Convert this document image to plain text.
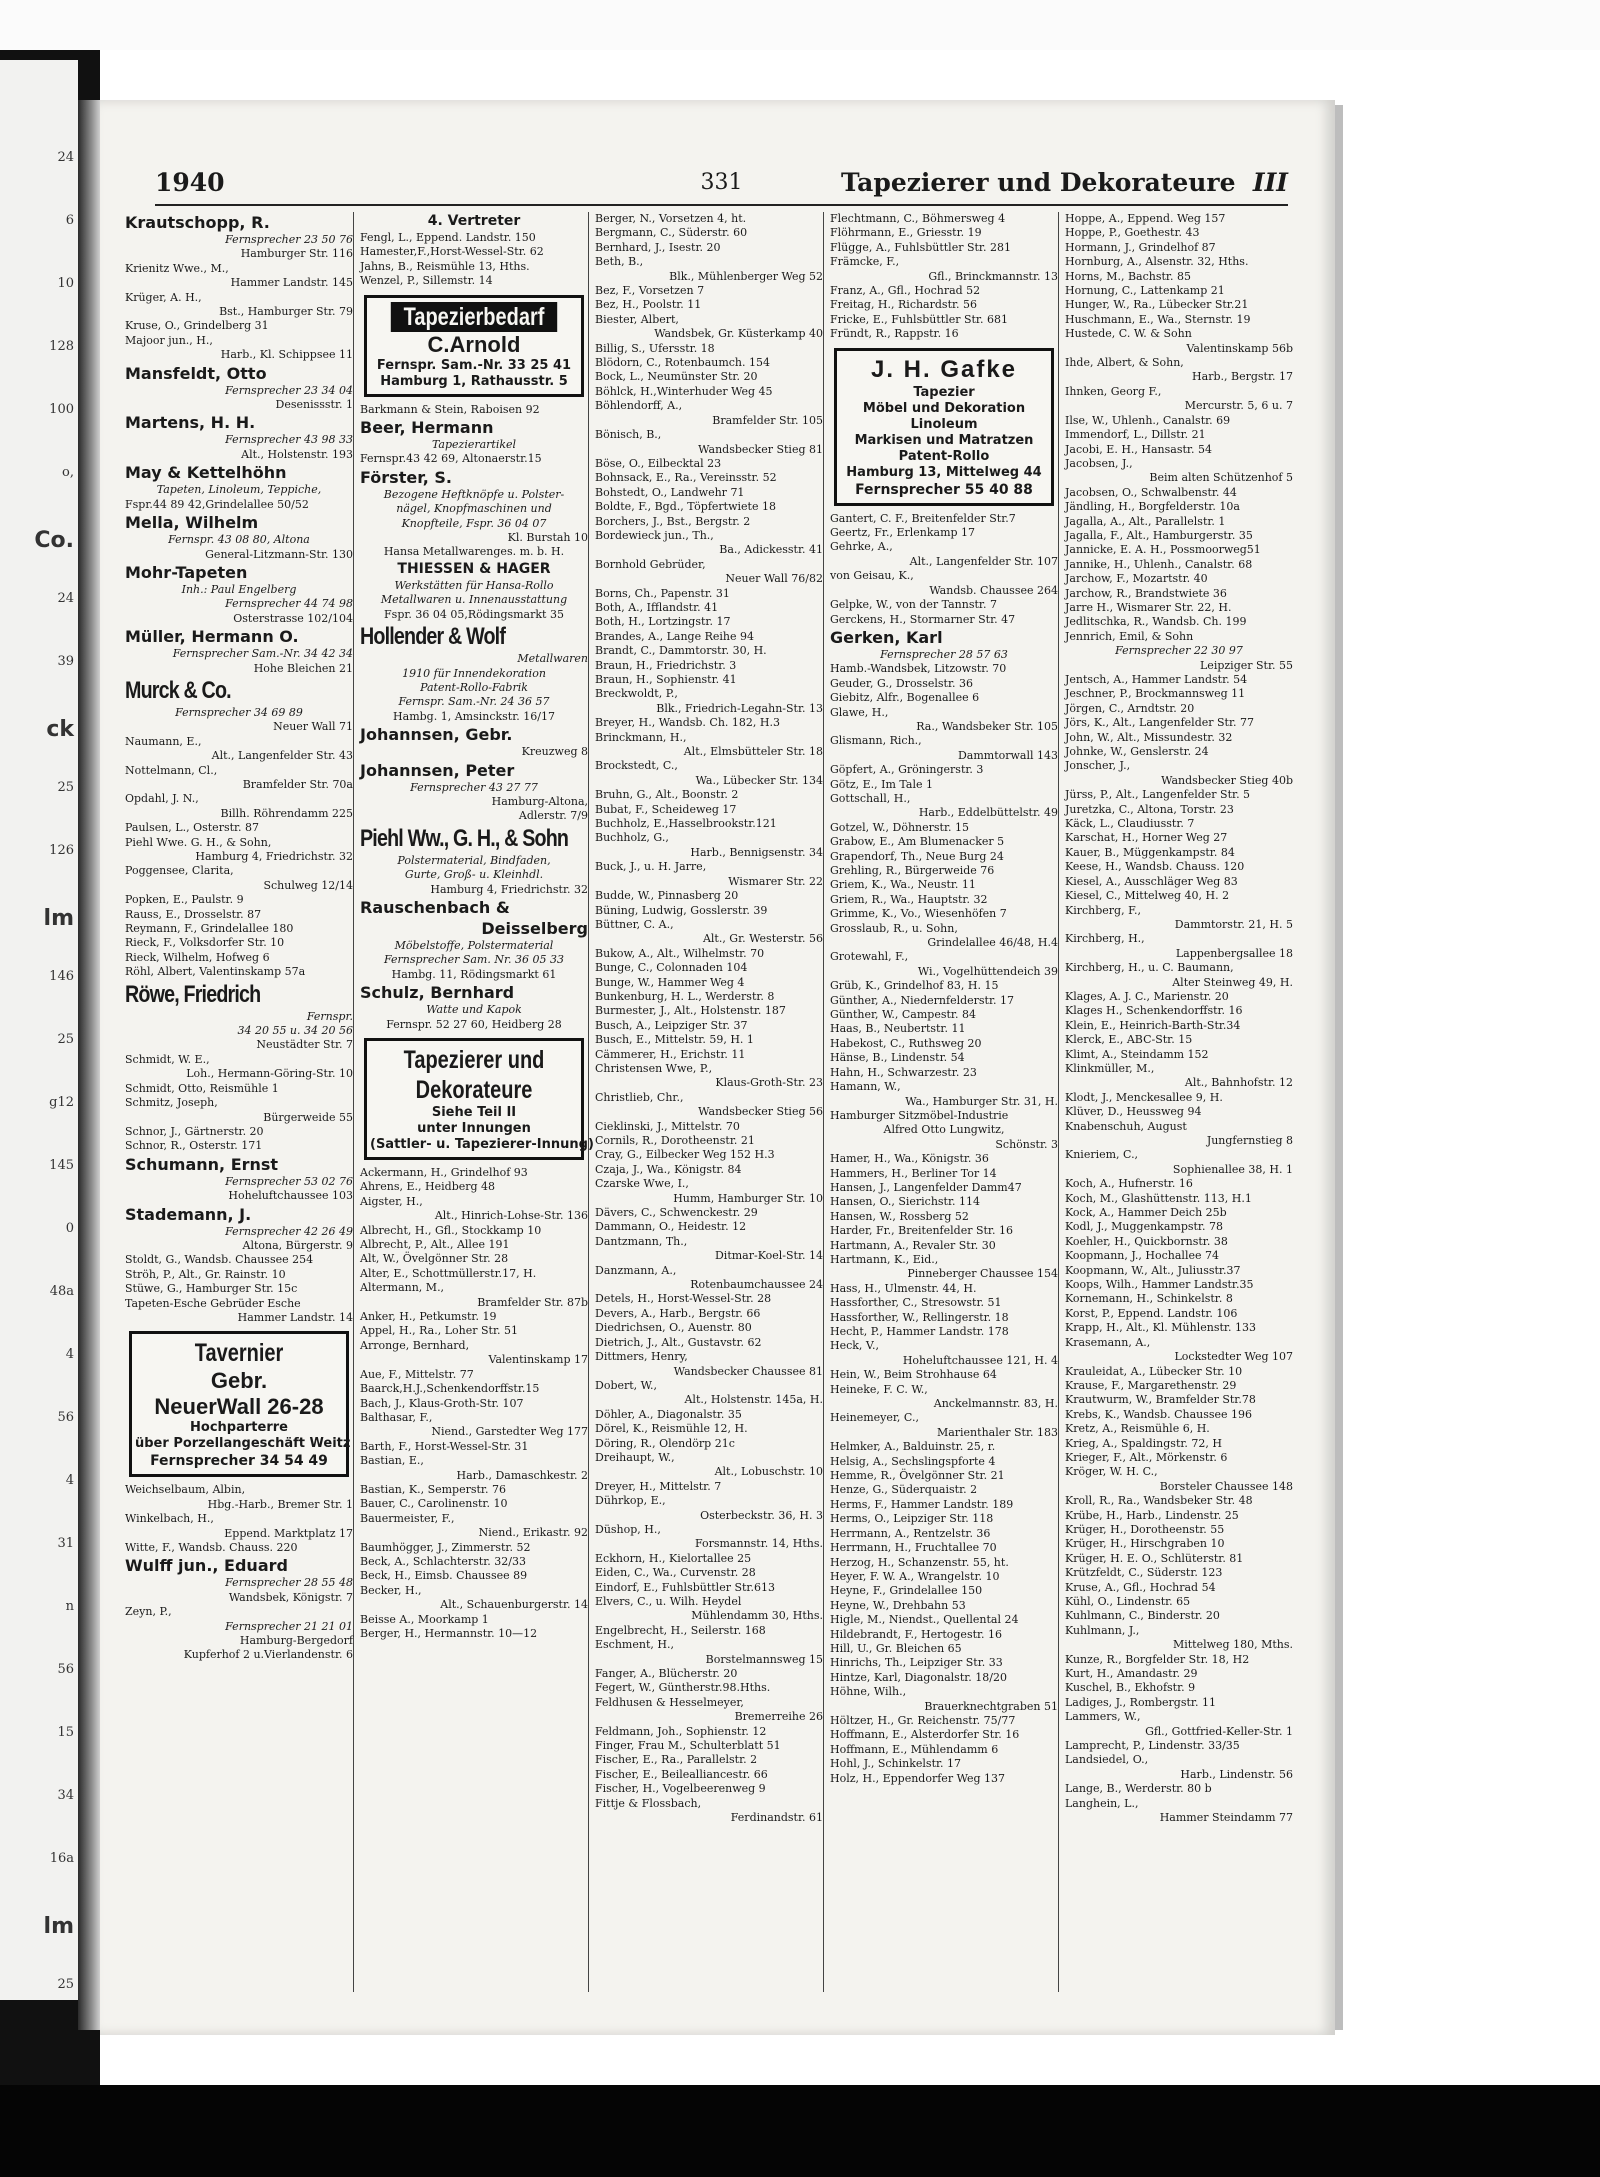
24
6
10
128
100
o,
Co.
24
39
ck
25
126
lm
146
25
g12
145
0
48a
4
56
4
31
n
56
15
34
16a
lm
25
1940	331	Tapezierer und Dekorateure III
Krautschopp, R.
Fernsprecher 23 50 76
Hamburger Str. 116
Krienitz Wwe., M.,
Hammer Landstr. 145
Krüger, A. H.,
Bst., Hamburger Str. 79
Kruse, O., Grindelberg 31
Majoor jun., H.,
Harb., Kl. Schippsee 11
Mansfeldt, Otto
Fernsprecher 23 34 04
Desenissstr. 1
Martens, H. H.
Fernsprecher 43 98 33
Alt., Holstenstr. 193
May & Kettelhöhn
Tapeten, Linoleum, Teppiche,
Fspr.44 89 42,Grindelallee 50/52
Mella, Wilhelm
Fernspr. 43 08 80, Altona
General-Litzmann-Str. 130
Mohr-Tapeten
Inh.: Paul Engelberg
Fernsprecher 44 74 98
Osterstrasse 102/104
Müller, Hermann O.
Fernsprecher Sam.-Nr. 34 42 34
Hohe Bleichen 21
Murck & Co.
Fernsprecher 34 69 89
Neuer Wall 71
Naumann, E.,
Alt., Langenfelder Str. 43
Nottelmann, Cl.,
Bramfelder Str. 70a
Opdahl, J. N.,
Billh. Röhrendamm 225
Paulsen, L., Osterstr. 87
Piehl Wwe. G. H., & Sohn,
Hamburg 4, Friedrichstr. 32
Poggensee, Clarita,
Schulweg 12/14
Popken, E., Paulstr. 9
Rauss, E., Drosselstr. 87
Reymann, F., Grindelallee 180
Rieck, F., Volksdorfer Str. 10
Rieck, Wilhelm, Hofweg 6
Röhl, Albert, Valentinskamp 57a
Röwe, Friedrich
Fernspr.
34 20 55 u. 34 20 56
Neustädter Str. 7
Schmidt, W. E.,
Loh., Hermann-Göring-Str. 10
Schmidt, Otto, Reismühle 1
Schmitz, Joseph,
Bürgerweide 55
Schnor, J., Gärtnerstr. 20
Schnor, R., Osterstr. 171
Schumann, Ernst
Fernsprecher 53 02 76
Hoheluftchaussee 103
Stademann, J.
Fernsprecher 42 26 49
Altona, Bürgerstr. 9
Stoldt, G., Wandsb. Chaussee 254
Ströh, P., Alt., Gr. Rainstr. 10
Stüwe, G., Hamburger Str. 15c
Tapeten-Esche Gebrüder Esche
Hammer Landstr. 14
Tavernier
Gebr.
NeuerWall 26-28
Hochparterre
über Porzellangeschäft Weitz
Fernsprecher 34 54 49
Weichselbaum, Albin,
Hbg.-Harb., Bremer Str. 1
Winkelbach, H.,
Eppend. Marktplatz 17
Witte, F., Wandsb. Chauss. 220
Wulff jun., Eduard
Fernsprecher 28 55 48
Wandsbek, Königstr. 7
Zeyn, P.,
Fernsprecher 21 21 01
Hamburg-Bergedorf
Kupferhof 2 u.Vierlandenstr. 6
4. Vertreter
Fengl, L., Eppend. Landstr. 150
Hamester,F.,Horst-Wessel-Str. 62
Jahns, B., Reismühle 13, Hths.
Wenzel, P., Sillemstr. 14
Tapezierbedarf
C.Arnold
Fernspr. Sam.-Nr. 33 25 41
Hamburg 1, Rathausstr. 5
Barkmann & Stein, Raboisen 92
Beer, Hermann
Tapezierartikel
Fernspr.43 42 69, Altonaerstr.15
Förster, S.
Bezogene Heftknöpfe u. Polster-
nägel, Knopfmaschinen und
Knopfteile, Fspr. 36 04 07
Kl. Burstah 10
Hansa Metallwarenges. m. b. H.
THIESSEN & HAGER
Werkstätten für Hansa-Rollo
Metallwaren u. Innenausstattung
Fspr. 36 04 05,Rödingsmarkt 35
Hollender & Wolf
Metallwaren
1910 für Innendekoration
Patent-Rollo-Fabrik
Fernspr. Sam.-Nr. 24 36 57
Hambg. 1, Amsinckstr. 16/17
Johannsen, Gebr.
Kreuzweg 8
Johannsen, Peter
Fernsprecher 43 27 77
Hamburg-Altona,
Adlerstr. 7/9
Piehl Ww., G. H., & Sohn
Polstermaterial, Bindfaden,
Gurte, Groß- u. Kleinhdl.
Hamburg 4, Friedrichstr. 32
Rauschenbach &
Deisselberg
Möbelstoffe, Polstermaterial
Fernsprecher Sam. Nr. 36 05 33
Hambg. 11, Rödingsmarkt 61
Schulz, Bernhard
Watte und Kapok
Fernspr. 52 27 60, Heidberg 28
Tapezierer und
Dekorateure
Siehe Teil II
unter Innungen
(Sattler- u. Tapezierer-Innung)
Ackermann, H., Grindelhof 93
Ahrens, E., Heidberg 48
Aigster, H.,
Alt., Hinrich-Lohse-Str. 136
Albrecht, H., Gfl., Stockkamp 10
Albrecht, P., Alt., Allee 191
Alt, W., Övelgönner Str. 28
Alter, E., Schottmüllerstr.17, H.
Altermann, M.,
Bramfelder Str. 87b
Anker, H., Petkumstr. 19
Appel, H., Ra., Loher Str. 51
Arronge, Bernhard,
Valentinskamp 17
Aue, F., Mittelstr. 77
Baarck,H.J.,Schenkendorffstr.15
Bach, J., Klaus-Groth-Str. 107
Balthasar, F.,
Niend., Garstedter Weg 177
Barth, F., Horst-Wessel-Str. 31
Bastian, E.,
Harb., Damaschkestr. 2
Bastian, K., Semperstr. 76
Bauer, C., Carolinenstr. 10
Bauermeister, F.,
Niend., Erikastr. 92
Baumhögger, J., Zimmerstr. 52
Beck, A., Schlachterstr. 32/33
Beck, H., Eimsb. Chaussee 89
Becker, H.,
Alt., Schauenburgerstr. 14
Beisse A., Moorkamp 1
Berger, H., Hermannstr. 10—12
Berger, N., Vorsetzen 4, ht.
Bergmann, C., Süderstr. 60
Bernhard, J., Isestr. 20
Beth, B.,
Blk., Mühlenberger Weg 52
Bez, F., Vorsetzen 7
Bez, H., Poolstr. 11
Biester, Albert,
Wandsbek, Gr. Küsterkamp 40
Billig, S., Ufersstr. 18
Blödorn, C., Rotenbaumch. 154
Bock, L., Neumünster Str. 20
Böhlck, H.,Winterhuder Weg 45
Böhlendorff, A.,
Bramfelder Str. 105
Bönisch, B.,
Wandsbecker Stieg 81
Böse, O., Eilbecktal 23
Bohnsack, E., Ra., Vereinsstr. 52
Bohstedt, O., Landwehr 71
Boldte, F., Bgd., Töpfertwiete 18
Borchers, J., Bst., Bergstr. 2
Bordewieck jun., Th.,
Ba., Adickesstr. 41
Bornhold Gebrüder,
Neuer Wall 76/82
Borns, Ch., Papenstr. 31
Both, A., Ifflandstr. 41
Both, H., Lortzingstr. 17
Brandes, A., Lange Reihe 94
Brandt, C., Dammtorstr. 30, H.
Braun, H., Friedrichstr. 3
Braun, H., Sophienstr. 41
Breckwoldt, P.,
Blk., Friedrich-Legahn-Str. 13
Breyer, H., Wandsb. Ch. 182, H.3
Brinckmann, H.,
Alt., Elmsbütteler Str. 18
Brockstedt, C.,
Wa., Lübecker Str. 134
Bruhn, G., Alt., Boonstr. 2
Bubat, F., Scheideweg 17
Buchholz, E.,Hasselbrookstr.121
Buchholz, G.,
Harb., Bennigsenstr. 34
Buck, J., u. H. Jarre,
Wismarer Str. 22
Budde, W., Pinnasberg 20
Büning, Ludwig, Gosslerstr. 39
Büttner, C. A.,
Alt., Gr. Westerstr. 56
Bukow, A., Alt., Wilhelmstr. 70
Bunge, C., Colonnaden 104
Bunge, W., Hammer Weg 4
Bunkenburg, H. L., Werderstr. 8
Burmester, J., Alt., Holstenstr. 187
Busch, A., Leipziger Str. 37
Busch, E., Mittelstr. 59, H. 1
Cämmerer, H., Erichstr. 11
Christensen Wwe, P.,
Klaus-Groth-Str. 23
Christlieb, Chr.,
Wandsbecker Stieg 56
Cieklinski, J., Mittelstr. 70
Cornils, R., Dorotheenstr. 21
Cray, G., Eilbecker Weg 152 H.3
Czaja, J., Wa., Königstr. 84
Czarske Wwe, I.,
Humm, Hamburger Str. 10
Dävers, C., Schwenckestr. 29
Dammann, O., Heidestr. 12
Dantzmann, Th.,
Ditmar-Koel-Str. 14
Danzmann, A.,
Rotenbaumchaussee 24
Detels, H., Horst-Wessel-Str. 28
Devers, A., Harb., Bergstr. 66
Diedrichsen, O., Auenstr. 80
Dietrich, J., Alt., Gustavstr. 62
Dittmers, Henry,
Wandsbecker Chaussee 81
Dobert, W.,
Alt., Holstenstr. 145a, H.
Döhler, A., Diagonalstr. 35
Dörel, K., Reismühle 12, H.
Döring, R., Olendörp 21c
Dreihaupt, W.,
Alt., Lobuschstr. 10
Dreyer, H., Mittelstr. 7
Dührkop, E.,
Osterbeckstr. 36, H. 3
Düshop, H.,
Forsmannstr. 14, Hths.
Eckhorn, H., Kielortallee 25
Eiden, C., Wa., Curvenstr. 28
Eindorf, E., Fuhlsbüttler Str.613
Elvers, C., u. Wilh. Heydel
Mühlendamm 30, Hths.
Engelbrecht, H., Seilerstr. 168
Eschment, H.,
Borstelmannsweg 15
Fanger, A., Blücherstr. 20
Fegert, W., Güntherstr.98.Hths.
Feldhusen & Hesselmeyer,
Bremerreihe 26
Feldmann, Joh., Sophienstr. 12
Finger, Frau M., Schulterblatt 51
Fischer, E., Ra., Parallelstr. 2
Fischer, E., Beilealliancestr. 66
Fischer, H., Vogelbeerenweg 9
Fittje & Flossbach,
Ferdinandstr. 61
Flechtmann, C., Böhmersweg 4
Flöhrmann, E., Griesstr. 19
Flügge, A., Fuhlsbüttler Str. 281
Främcke, F.,
Gfl., Brinckmannstr. 13
Franz, A., Gfl., Hochrad 52
Freitag, H., Richardstr. 56
Fricke, E., Fuhlsbüttler Str. 681
Fründt, R., Rappstr. 16
J. H. Gafke
Tapezier
Möbel und Dekoration
Linoleum
Markisen und Matratzen
Patent-Rollo
Hamburg 13, Mittelweg 44
Fernsprecher 55 40 88
Gantert, C. F., Breitenfelder Str.7
Geertz, Fr., Erlenkamp 17
Gehrke, A.,
Alt., Langenfelder Str. 107
von Geisau, K.,
Wandsb. Chaussee 264
Gelpke, W., von der Tannstr. 7
Gerckens, H., Stormarner Str. 47
Gerken, Karl
Fernsprecher 28 57 63
Hamb.-Wandsbek, Litzowstr. 70
Geuder, G., Drosselstr. 36
Giebitz, Alfr., Bogenallee 6
Glawe, H.,
Ra., Wandsbeker Str. 105
Glismann, Rich.,
Dammtorwall 143
Göpfert, A., Gröningerstr. 3
Götz, E., Im Tale 1
Gottschall, H.,
Harb., Eddelbüttelstr. 49
Gotzel, W., Döhnerstr. 15
Grabow, E., Am Blumenacker 5
Grapendorf, Th., Neue Burg 24
Grehling, R., Bürgerweide 76
Griem, K., Wa., Neustr. 11
Griem, R., Wa., Hauptstr. 32
Grimme, K., Vo., Wiesenhöfen 7
Grosslaub, R., u. Sohn,
Grindelallee 46/48, H.4
Grotewahl, F.,
Wi., Vogelhüttendeich 39
Grüb, K., Grindelhof 83, H. 15
Günther, A., Niedernfelderstr. 17
Günther, W., Campestr. 84
Haas, B., Neubertstr. 11
Habekost, C., Ruthsweg 20
Hänse, B., Lindenstr. 54
Hahn, H., Schwarzestr. 23
Hamann, W.,
Wa., Hamburger Str. 31, H.
Hamburger Sitzmöbel-Industrie
Alfred Otto Lungwitz,
Schönstr. 3
Hamer, H., Wa., Königstr. 36
Hammers, H., Berliner Tor 14
Hansen, J., Langenfelder Damm47
Hansen, O., Sierichstr. 114
Hansen, W., Rossberg 52
Harder, Fr., Breitenfelder Str. 16
Hartmann, A., Revaler Str. 30
Hartmann, K., Eid.,
Pinneberger Chaussee 154
Hass, H., Ulmenstr. 44, H.
Hassforther, C., Stresowstr. 51
Hassforther, W., Rellingerstr. 18
Hecht, P., Hammer Landstr. 178
Heck, V.,
Hoheluftchaussee 121, H. 4
Hein, W., Beim Strohhause 64
Heineke, F. C. W.,
Anckelmannstr. 83, H.
Heinemeyer, C.,
Marienthaler Str. 183
Helmker, A., Balduinstr. 25, r.
Helsig, A., Sechslingspforte 4
Hemme, R., Övelgönner Str. 21
Henze, G., Süderquaistr. 2
Herms, F., Hammer Landstr. 189
Herms, O., Leipziger Str. 118
Herrmann, A., Rentzelstr. 36
Herrmann, H., Fruchtallee 70
Herzog, H., Schanzenstr. 55, ht.
Heyer, F. W. A., Wrangelstr. 10
Heyne, F., Grindelallee 150
Heyne, W., Drehbahn 53
Higle, M., Niendst., Quellental 24
Hildebrandt, F., Hertogestr. 16
Hill, U., Gr. Bleichen 65
Hinrichs, Th., Leipziger Str. 33
Hintze, Karl, Diagonalstr. 18/20
Höhne, Wilh.,
Brauerknechtgraben 51
Höltzer, H., Gr. Reichenstr. 75/77
Hoffmann, E., Alsterdorfer Str. 16
Hoffmann, E., Mühlendamm 6
Hohl, J., Schinkelstr. 17
Holz, H., Eppendorfer Weg 137
Hoppe, A., Eppend. Weg 157
Hoppe, P., Goethestr. 43
Hormann, J., Grindelhof 87
Hornburg, A., Alsenstr. 32, Hths.
Horns, M., Bachstr. 85
Hornung, C., Lattenkamp 21
Hunger, W., Ra., Lübecker Str.21
Huschmann, E., Wa., Sternstr. 19
Hustede, C. W. & Sohn
Valentinskamp 56b
Ihde, Albert, & Sohn,
Harb., Bergstr. 17
Ihnken, Georg F.,
Mercurstr. 5, 6 u. 7
Ilse, W., Uhlenh., Canalstr. 69
Immendorf, L., Dillstr. 21
Jacobi, E. H., Hansastr. 54
Jacobsen, J.,
Beim alten Schützenhof 5
Jacobsen, O., Schwalbenstr. 44
Jändling, H., Borgfelderstr. 10a
Jagalla, A., Alt., Parallelstr. 1
Jagalla, F., Alt., Hamburgerstr. 35
Jannicke, E. A. H., Possmoorweg51
Jannike, H., Uhlenh., Canalstr. 68
Jarchow, F., Mozartstr. 40
Jarchow, R., Brandstwiete 36
Jarre H., Wismarer Str. 22, H.
Jedlitschka, R., Wandsb. Ch. 199
Jennrich, Emil, & Sohn
Fernsprecher 22 30 97
Leipziger Str. 55
Jentsch, A., Hammer Landstr. 54
Jeschner, P., Brockmannsweg 11
Jörgen, C., Arndtstr. 20
Jörs, K., Alt., Langenfelder Str. 77
John, W., Alt., Missundestr. 32
Johnke, W., Genslerstr. 24
Jonscher, J.,
Wandsbecker Stieg 40b
Jürss, P., Alt., Langenfelder Str. 5
Juretzka, C., Altona, Torstr. 23
Käck, L., Claudiusstr. 7
Karschat, H., Horner Weg 27
Kauer, B., Müggenkampstr. 84
Keese, H., Wandsb. Chauss. 120
Kiesel, A., Ausschläger Weg 83
Kiesel, C., Mittelweg 40, H. 2
Kirchberg, F.,
Dammtorstr. 21, H. 5
Kirchberg, H.,
Lappenbergsallee 18
Kirchberg, H., u. C. Baumann,
Alter Steinweg 49, H.
Klages, A. J. C., Marienstr. 20
Klages H., Schenkendorffstr. 16
Klein, E., Heinrich-Barth-Str.34
Klerck, E., ABC-Str. 15
Klimt, A., Steindamm 152
Klinkmüller, M.,
Alt., Bahnhofstr. 12
Klodt, J., Menckesallee 9, H.
Klüver, D., Heussweg 94
Knabenschuh, August
Jungfernstieg 8
Knieriem, C.,
Sophienallee 38, H. 1
Koch, A., Hufnerstr. 16
Koch, M., Glashüttenstr. 113, H.1
Kock, A., Hammer Deich 25b
Kodl, J., Muggenkampstr. 78
Koehler, H., Quickbornstr. 38
Koopmann, J., Hochallee 74
Koopmann, W., Alt., Juliusstr.37
Koops, Wilh., Hammer Landstr.35
Kornemann, H., Schinkelstr. 8
Korst, P., Eppend. Landstr. 106
Krapp, H., Alt., Kl. Mühlenstr. 133
Krasemann, A.,
Lockstedter Weg 107
Krauleidat, A., Lübecker Str. 10
Krause, F., Margarethenstr. 29
Krautwurm, W., Bramfelder Str.78
Krebs, K., Wandsb. Chaussee 196
Kretz, A., Reismühle 6, H.
Krieg, A., Spaldingstr. 72, H
Krieger, F., Alt., Mörkenstr. 6
Kröger, W. H. C.,
Borsteler Chaussee 148
Kroll, R., Ra., Wandsbeker Str. 48
Krübe, H., Harb., Lindenstr. 25
Krüger, H., Dorotheenstr. 55
Krüger, H., Hirschgraben 10
Krüger, H. E. O., Schlüterstr. 81
Krützfeldt, C., Süderstr. 123
Kruse, A., Gfl., Hochrad 54
Kühl, O., Lindenstr. 65
Kuhlmann, C., Binderstr. 20
Kuhlmann, J.,
Mittelweg 180, Mths.
Kunze, R., Borgfelder Str. 18, H2
Kurt, H., Amandastr. 29
Kuschel, B., Ekhofstr. 9
Ladiges, J., Rombergstr. 11
Lammers, W.,
Gfl., Gottfried-Keller-Str. 1
Lamprecht, P., Lindenstr. 33/35
Landsiedel, O.,
Harb., Lindenstr. 56
Lange, B., Werderstr. 80 b
Langhein, L.,
Hammer Steindamm 77
